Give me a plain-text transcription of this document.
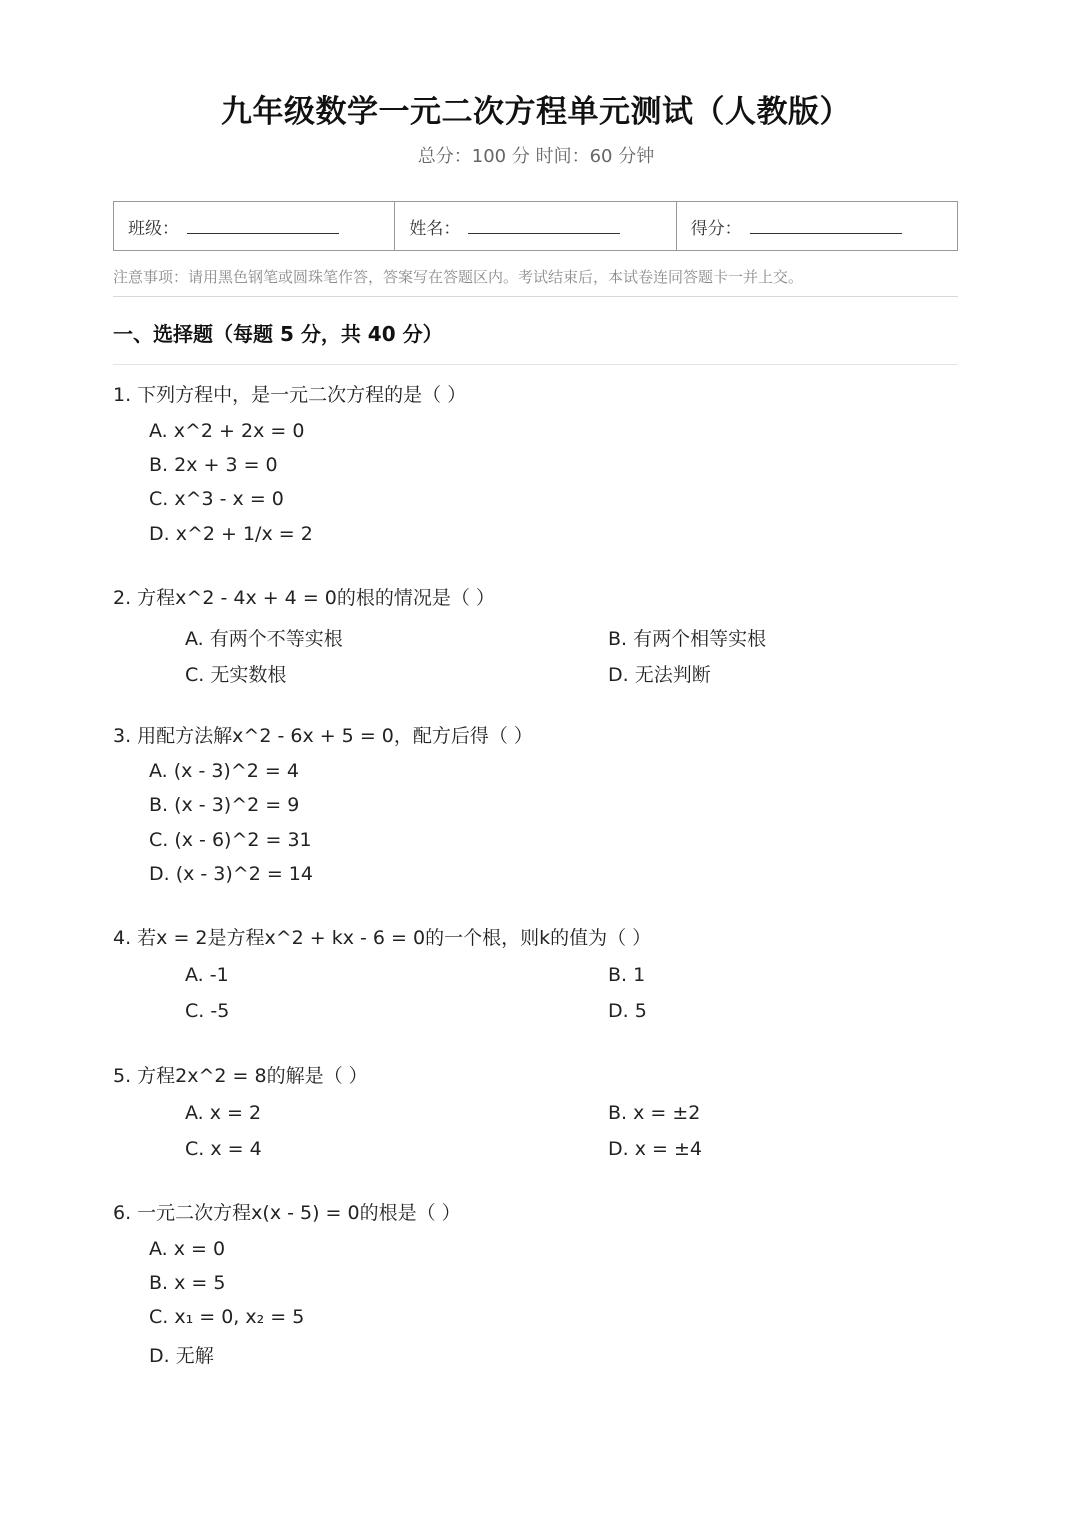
九年级数学一元二次方程单元测试（人教版）
总分：100 分 时间：60 分钟
班级：	姓名：	得分：
注意事项：请用黑色钢笔或圆珠笔作答，答案写在答题区内。考试结束后，本试卷连同答题卡一并上交。
一、选择题（每题 5 分，共 40 分）
1. 下列方程中，是一元二次方程的是（ ）
A. x^2 + 2x = 0
B. 2x + 3 = 0
C. x^3 - x = 0
D. x^2 + 1/x = 2
2. 方程x^2 - 4x + 4 = 0的根的情况是（ ）
A. 有两个不等实根	B. 有两个相等实根
C. 无实数根	D. 无法判断
3. 用配方法解x^2 - 6x + 5 = 0，配方后得（ ）
A. (x - 3)^2 = 4
B. (x - 3)^2 = 9
C. (x - 6)^2 = 31
D. (x - 3)^2 = 14
4. 若x = 2是方程x^2 + kx - 6 = 0的一个根，则k的值为（ ）
A. -1	B. 1
C. -5	D. 5
5. 方程2x^2 = 8的解是（ ）
A. x = 2	B. x = ±2
C. x = 4	D. x = ±4
6. 一元二次方程x(x - 5) = 0的根是（ ）
A. x = 0
B. x = 5
C. x₁ = 0, x₂ = 5
D. 无解
